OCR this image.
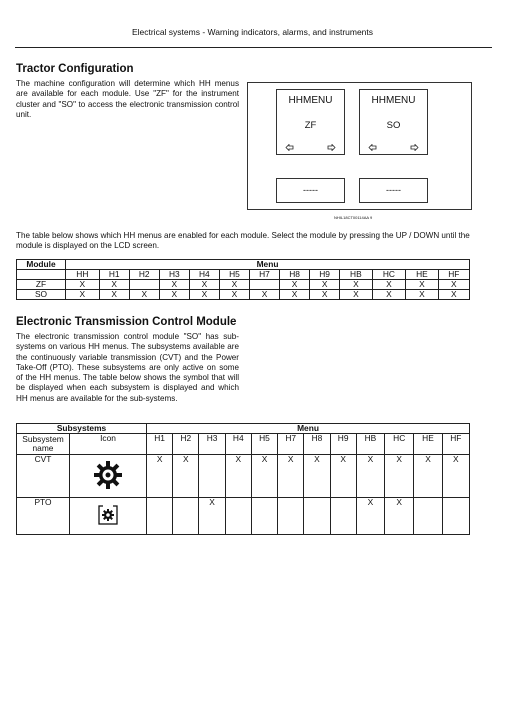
Electrical systems - Warning indicators, alarms, and instruments
Tractor Configuration
The machine configuration will determine which HH menus are available for each module. Use "ZF" for the instrument cluster and "SO" to access the electronic transmission control unit.
HHMENU
ZF
HHMENU
SO
-----	-----
NHIL18CT00114AA 9
The table below shows which HH menus are enabled for each module. Select the module by pressing the UP / DOWN until the module is displayed on the LCD screen.
Module	Menu												
	HH	H1	H2	H3	H4	H5	H7	H8	H9	HB	HC	HE	HF
ZF	X	X		X	X	X		X	X	X	X	X	X
SO	X	X	X	X	X	X	X	X	X	X	X	X	X
Electronic Transmission Control Module
The electronic transmission control module "SO" has sub-systems on various HH menus. The subsystems available are the continuously variable transmission (CVT) and the Power Take-Off (PTO). These subsystems are only active on some of the HH menus. The table below shows the symbol that will be displayed when each subsystem is displayed and which HH menus are available for the sub-systems.
Subsystems		Menu											
Subsystem name	Icon	H1	H2	H3	H4	H5	H7	H8	H9	HB	HC	HE	HF
CVT		X	X		X	X	X	X	X	X	X	X	X
PTO				X						X	X		
